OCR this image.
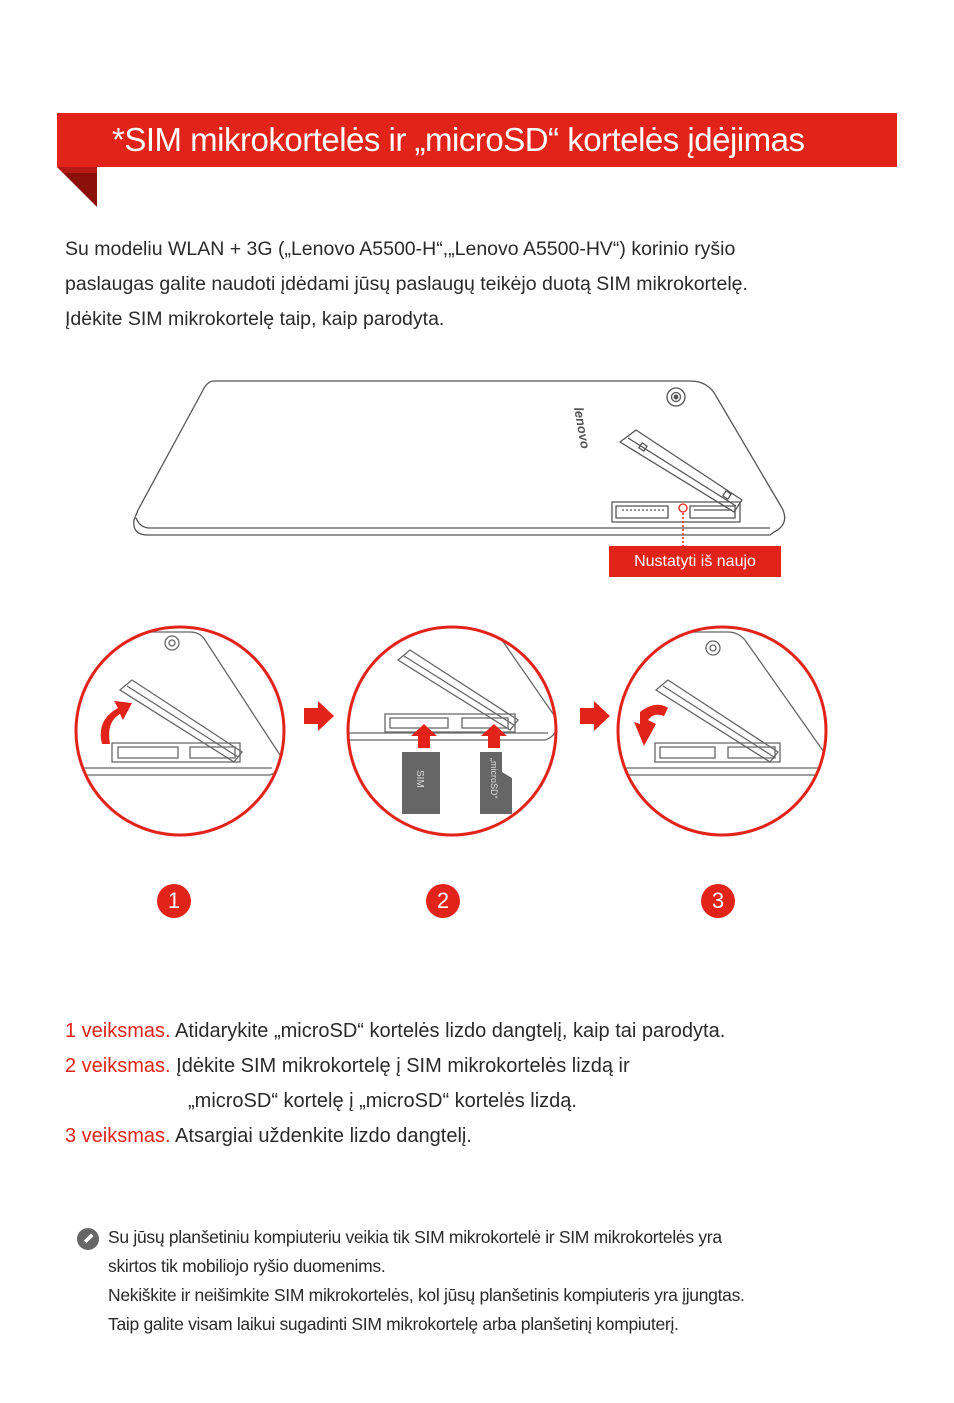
*SIM mikrokortelės ir „microSD“ kortelės įdėjimas

Su modeliu WLAN + 3G („Lenovo A5500-H“,„Lenovo A5500-HV“) korinio ryšio

paslaugas galite naudoti įdėdami jūsų paslaugų teikėjo duotą SIM mikrokortelę.

Įdėkite SIM mikrokortelę taip, kaip parodyta.

lenovo
Nustatyti iš naujo
SIM	„microSD“
1	2	3
1 veiksmas. Atidarykite „microSD“ kortelės lizdo dangtelį, kaip tai parodyta.
2 veiksmas. Įdėkite SIM mikrokortelę į SIM mikrokortelės lizdą ir
„microSD“ kortelę į „microSD“ kortelės lizdą.
3 veiksmas. Atsargiai uždenkite lizdo dangtelį.

Su jūsų planšetiniu kompiuteriu veikia tik SIM mikrokortelė ir SIM mikrokortelės yra

skirtos tik mobiliojo ryšio duomenims.

Nekiškite ir neišimkite SIM mikrokortelės, kol jūsų planšetinis kompiuteris yra įjungtas.

Taip galite visam laikui sugadinti SIM mikrokortelę arba planšetinį kompiuterį.
